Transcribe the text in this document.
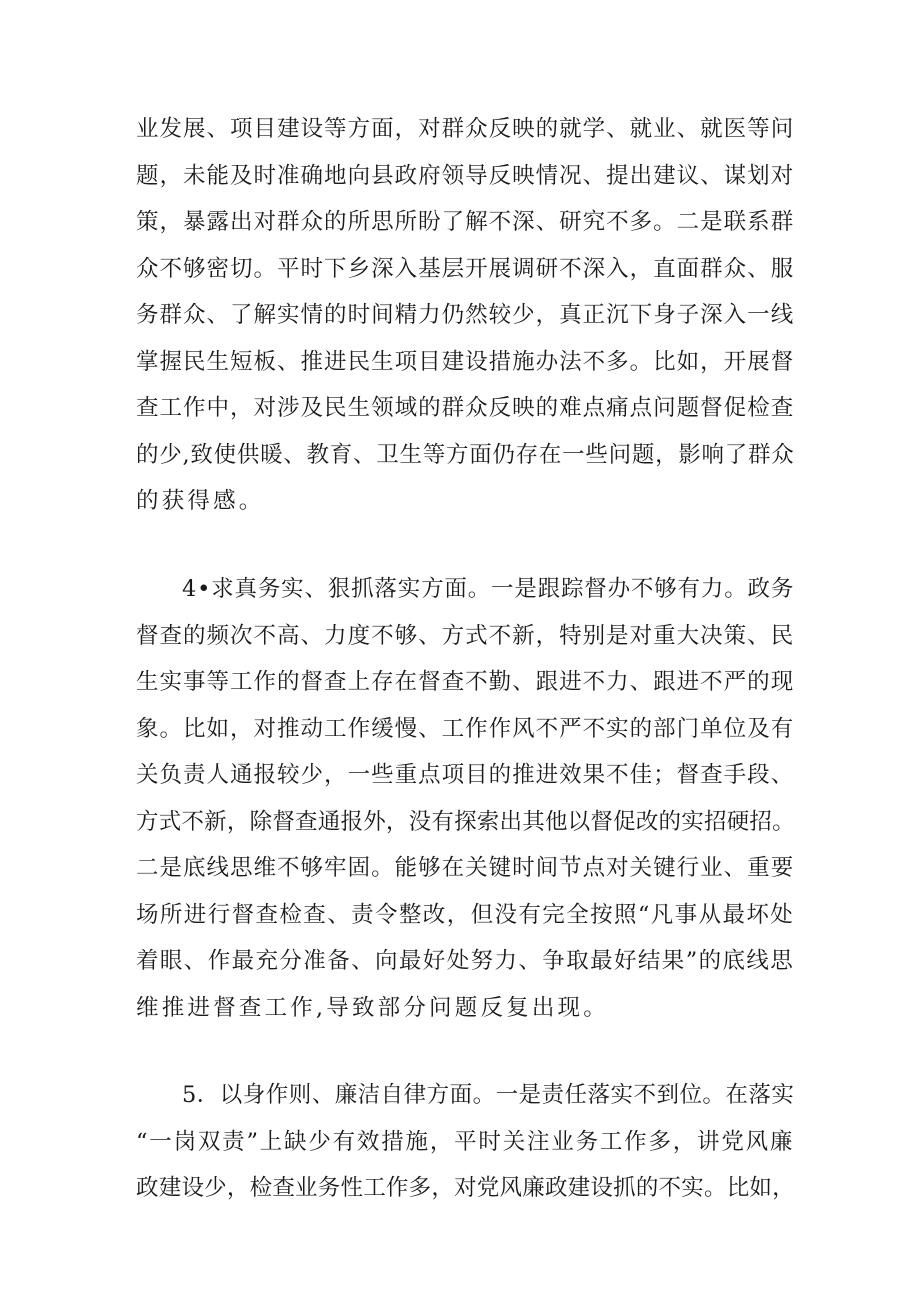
业发展、项目建设等方面，对群众反映的就学、就业、就医等问
题，未能及时准确地向县政府领导反映情况、提出建议、谋划对
策，暴露出对群众的所思所盼了解不深、研究不多。二是联系群
众不够密切。平时下乡深入基层开展调研不深入，直面群众、服
务群众、了解实情的时间精力仍然较少，真正沉下身子深入一线
掌握民生短板、推进民生项目建设措施办法不多。比如，开展督
查工作中，对涉及民生领域的群众反映的难点痛点问题督促检查
的少,致使供暖、教育、卫生等方面仍存在一些问题，影响了群众
的获得感。
4•求真务实、狠抓落实方面。一是跟踪督办不够有力。政务
督查的频次不高、力度不够、方式不新，特别是对重大决策、民
生实事等工作的督查上存在督查不勤、跟进不力、跟进不严的现
象。比如，对推动工作缓慢、工作作风不严不实的部门单位及有
关负责人通报较少，一些重点项目的推进效果不佳；督查手段、
方式不新，除督查通报外，没有探索出其他以督促改的实招硬招。
二是底线思维不够牢固。能够在关键时间节点对关键行业、重要
场所进行督查检查、责令整改，但没有完全按照“凡事从最坏处
着眼、作最充分准备、向最好处努力、争取最好结果”的底线思
维推进督查工作,导致部分问题反复出现。
5．以身作则、廉洁自律方面。一是责任落实不到位。在落实
“一岗双责”上缺少有效措施，平时关注业务工作多，讲党风廉
政建设少，检查业务性工作多，对党风廉政建设抓的不实。比如，
